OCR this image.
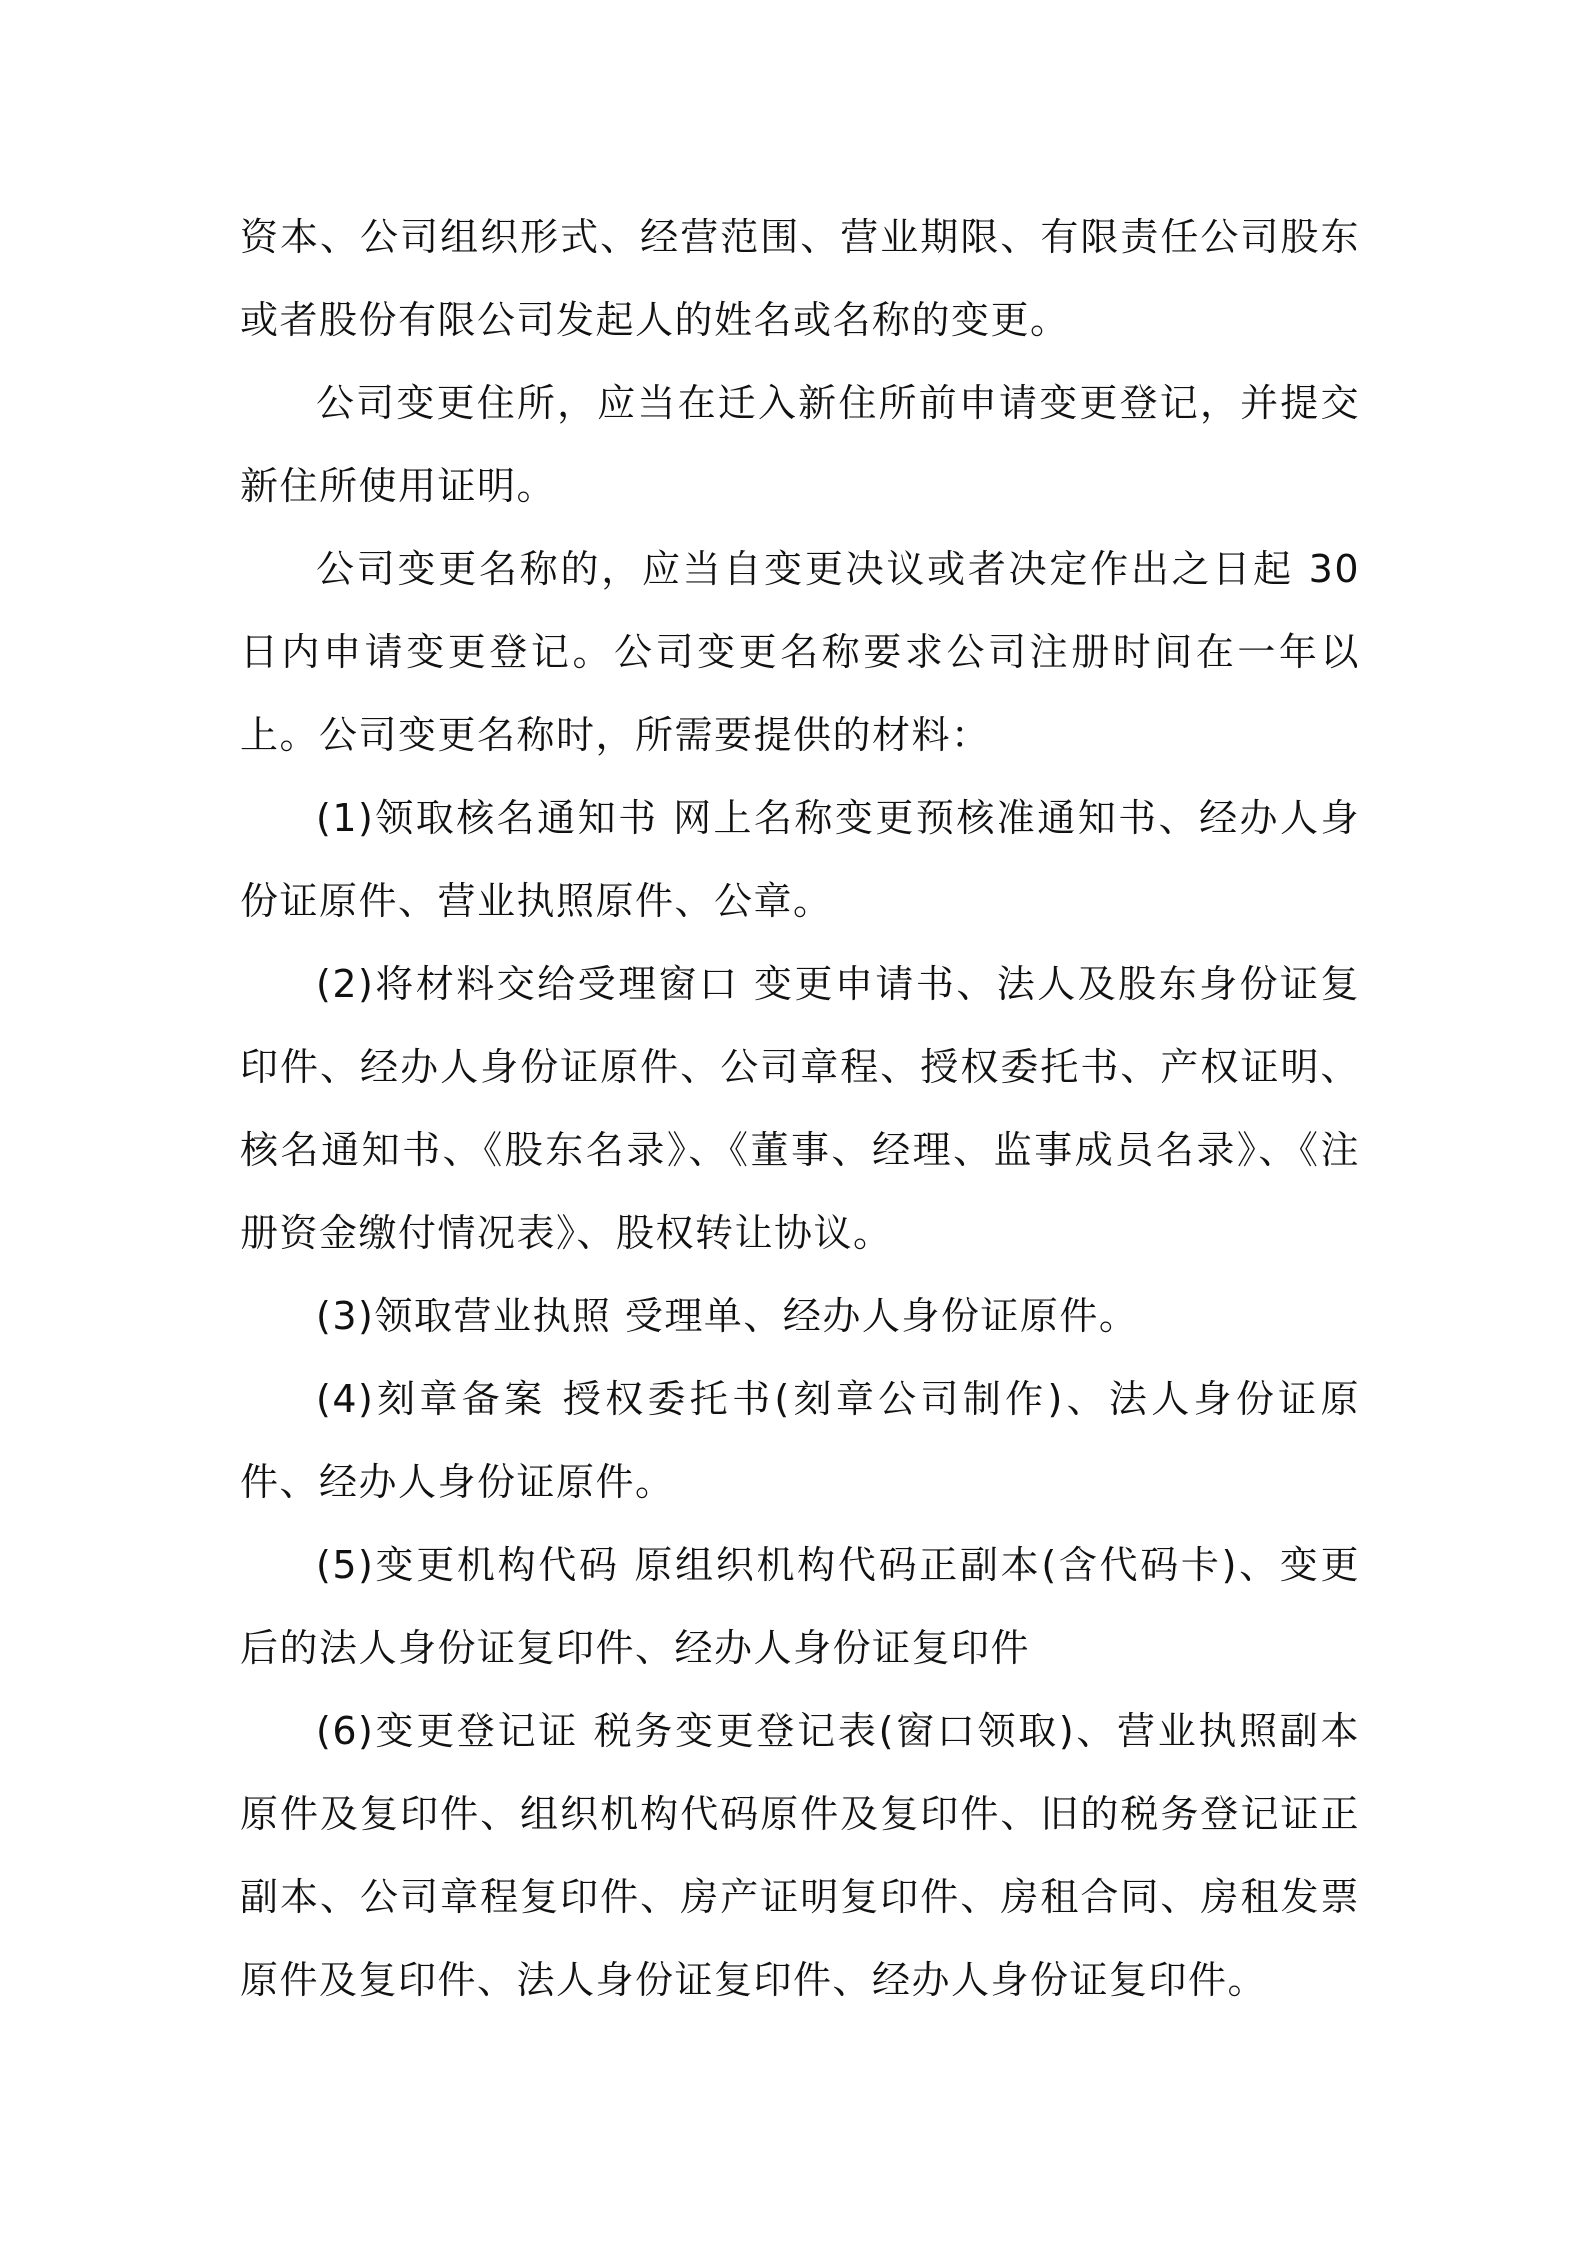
资本、公司组织形式、经营范围、营业期限、有限责任公司股东或者股份有限公司发起人的姓名或名称的变更。

公司变更住所，应当在迁入新住所前申请变更登记，并提交新住所使用证明。

公司变更名称的，应当自变更决议或者决定作出之日起 30 日内申请变更登记。公司变更名称要求公司注册时间在一年以上。公司变更名称时，所需要提供的材料：

(1)领取核名通知书 网上名称变更预核准通知书、经办人身份证原件、营业执照原件、公章。

(2)将材料交给受理窗口 变更申请书、法人及股东身份证复印件、经办人身份证原件、公司章程、授权委托书、产权证明、核名通知书、《股东名录》、《董事、经理、监事成员名录》、《注册资金缴付情况表》、股权转让协议。

(3)领取营业执照 受理单、经办人身份证原件。

(4)刻章备案 授权委托书(刻章公司制作)、法人身份证原件、经办人身份证原件。

(5)变更机构代码 原组织机构代码正副本(含代码卡)、变更后的法人身份证复印件、经办人身份证复印件

(6)变更登记证 税务变更登记表(窗口领取)、营业执照副本原件及复印件、组织机构代码原件及复印件、旧的税务登记证正副本、公司章程复印件、房产证明复印件、房租合同、房租发票原件及复印件、法人身份证复印件、经办人身份证复印件。
